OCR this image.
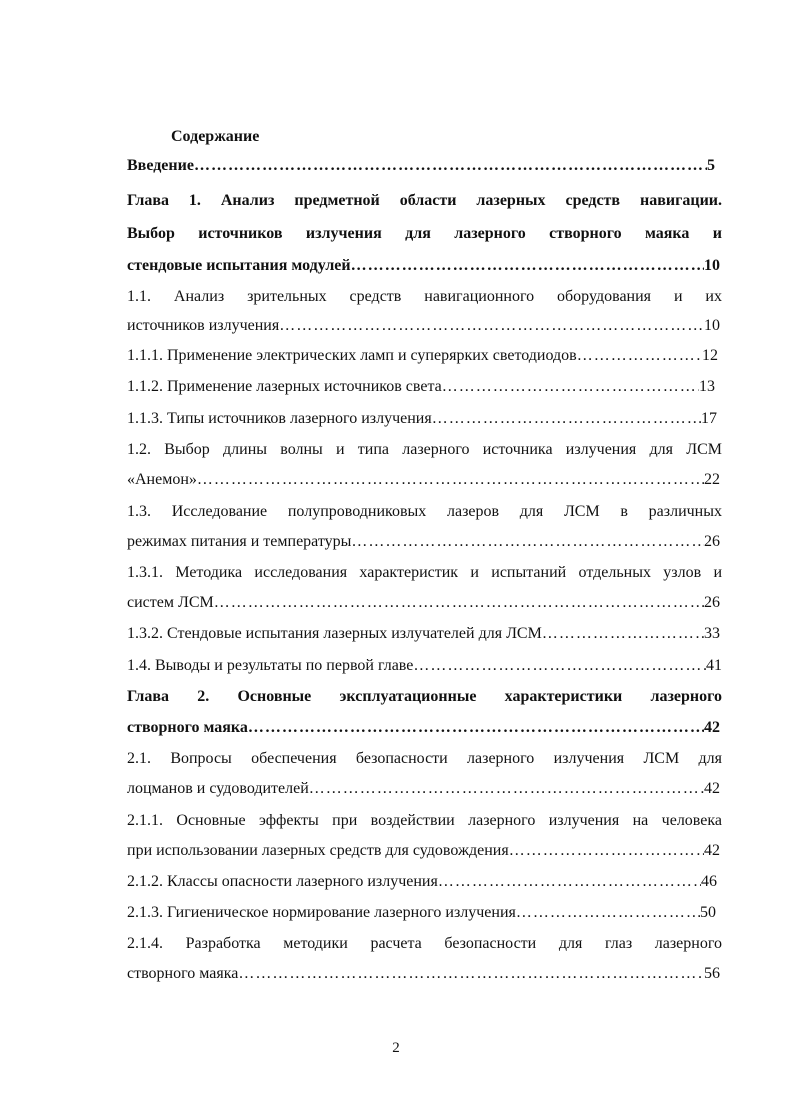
Содержание
Введение ……………………………………………………………………………………………………………………………………………………………………	5
Глава 1. Анализ предметной области лазерных средств навигации.
Выбор источников излучения для лазерного створного маяка и
стендовые испытания модулей ……………………………………………………………………………………………………………………………………………………………………	10
1.1. Анализ зрительных средств навигационного оборудования и их
источников излучения ……………………………………………………………………………………………………………………………………………………………………	10
1.1.1. Применение электрических ламп и суперяркиx светодиодов ……………………………………………………………………………………………………………………………………………………………………	12
1.1.2. Применение лазерных источников света ……………………………………………………………………………………………………………………………………………………………………	13
1.1.3. Типы источников лазерного излучения ……………………………………………………………………………………………………………………………………………………………………	17
1.2. Выбор длины волны и типа лазерного источника излучения для ЛСМ
«Анемон» ……………………………………………………………………………………………………………………………………………………………………	22
1.3. Исследование полупроводниковых лазеров для ЛСМ в различных
режимах питания и температуры ……………………………………………………………………………………………………………………………………………………………………	26
1.3.1. Методика исследования характеристик и испытаний отдельных узлов и
систем ЛСМ ……………………………………………………………………………………………………………………………………………………………………	26
1.3.2. Стендовые испытания лазерных излучателей для ЛСМ ……………………………………………………………………………………………………………………………………………………………………	33
1.4. Выводы и результаты по первой главе ……………………………………………………………………………………………………………………………………………………………………	41
Глава 2. Основные эксплуатационные характеристики лазерного
створного маяка ……………………………………………………………………………………………………………………………………………………………………	42
2.1. Вопросы обеспечения безопасности лазерного излучения ЛСМ для
лоцманов и судоводителей ……………………………………………………………………………………………………………………………………………………………………	42
2.1.1. Основные эффекты при воздействии лазерного излучения на человека
при использовании лазерных средств для судовождения ……………………………………………………………………………………………………………………………………………………………………	42
2.1.2. Классы опасности лазерного излучения ……………………………………………………………………………………………………………………………………………………………………	46
2.1.3. Гигиеническое нормирование лазерного излучения ……………………………………………………………………………………………………………………………………………………………………	50
2.1.4. Разработка методики расчета безопасности для глаз лазерного
створного маяка ……………………………………………………………………………………………………………………………………………………………………	56
2
